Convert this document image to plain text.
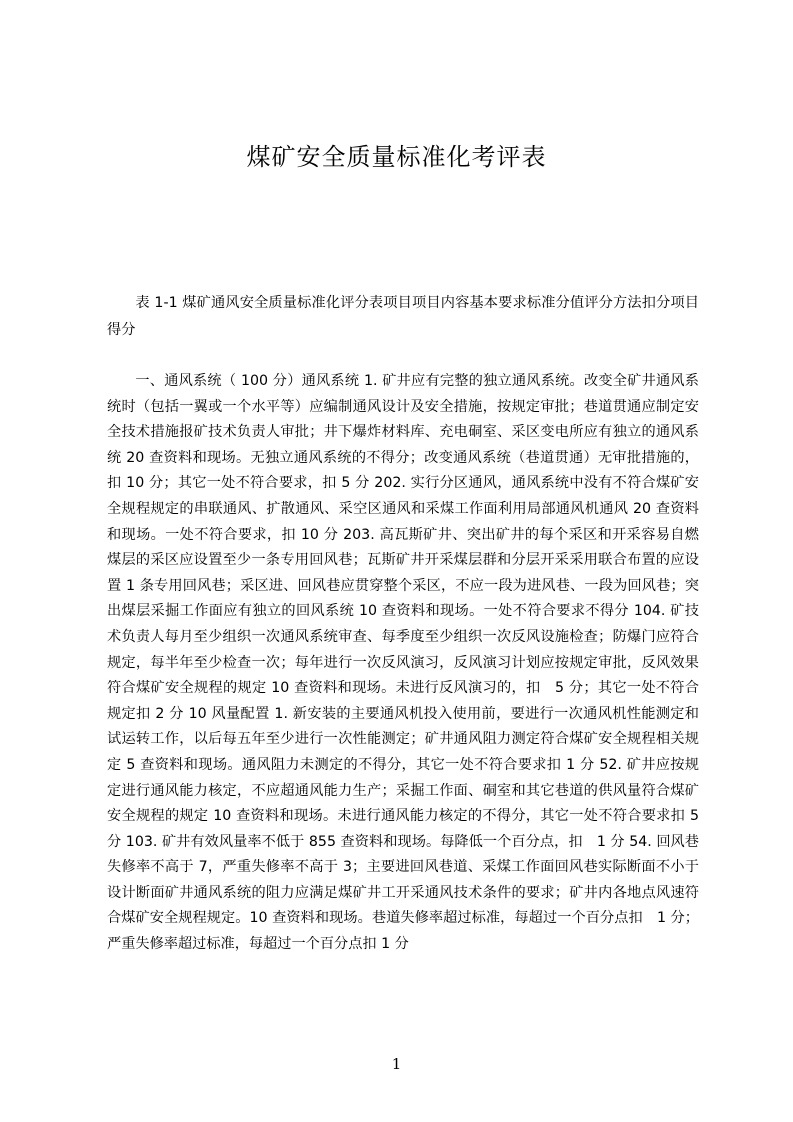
煤矿安全质量标准化考评表

表 1-1 煤矿通风安全质量标准化评分表项目项目内容基本要求标准分值评分方法扣分项目得分

一、通风系统（ 100 分）通风系统 1. 矿井应有完整的独立通风系统。改变全矿井通风系统时（包括一翼或一个水平等）应编制通风设计及安全措施，按规定审批；巷道贯通应制定安全技术措施报矿技术负责人审批；井下爆炸材料库、充电硐室、采区变电所应有独立的通风系统 20 查资料和现场。无独立通风系统的不得分；改变通风系统（巷道贯通）无审批措施的，扣 10 分；其它一处不符合要求，扣 5 分 202. 实行分区通风，通风系统中没有不符合煤矿安全规程规定的串联通风、扩散通风、采空区通风和采煤工作面利用局部通风机通风 20 查资料和现场。一处不符合要求，扣 10 分 203. 高瓦斯矿井、突出矿井的每个采区和开采容易自燃煤层的采区应设置至少一条专用回风巷；瓦斯矿井开采煤层群和分层开采采用联合布置的应设置 1 条专用回风巷；采区进、回风巷应贯穿整个采区，不应一段为进风巷、一段为回风巷；突出煤层采掘工作面应有独立的回风系统 10 查资料和现场。一处不符合要求不得分 104. 矿技术负责人每月至少组织一次通风系统审查、每季度至少组织一次反风设施检查；防爆门应符合规定，每半年至少检查一次；每年进行一次反风演习，反风演习计划应按规定审批，反风效果符合煤矿安全规程的规定 10 查资料和现场。未进行反风演习的，扣　5 分；其它一处不符合规定扣 2 分 10 风量配置 1. 新安装的主要通风机投入使用前，要进行一次通风机性能测定和试运转工作，以后每五年至少进行一次性能测定；矿井通风阻力测定符合煤矿安全规程相关规定 5 查资料和现场。通风阻力未测定的不得分，其它一处不符合要求扣 1 分 52. 矿井应按规定进行通风能力核定，不应超通风能力生产；采掘工作面、硐室和其它巷道的供风量符合煤矿安全规程的规定 10 查资料和现场。未进行通风能力核定的不得分，其它一处不符合要求扣 5 分 103. 矿井有效风量率不低于 855 查资料和现场。每降低一个百分点，扣　1 分 54. 回风巷失修率不高于 7，严重失修率不高于 3；主要进回风巷道、采煤工作面回风巷实际断面不小于设计断面矿井通风系统的阻力应满足煤矿井工开采通风技术条件的要求；矿井内各地点风速符合煤矿安全规程规定。10 查资料和现场。巷道失修率超过标准，每超过一个百分点扣　1 分；严重失修率超过标准，每超过一个百分点扣 1 分

1
